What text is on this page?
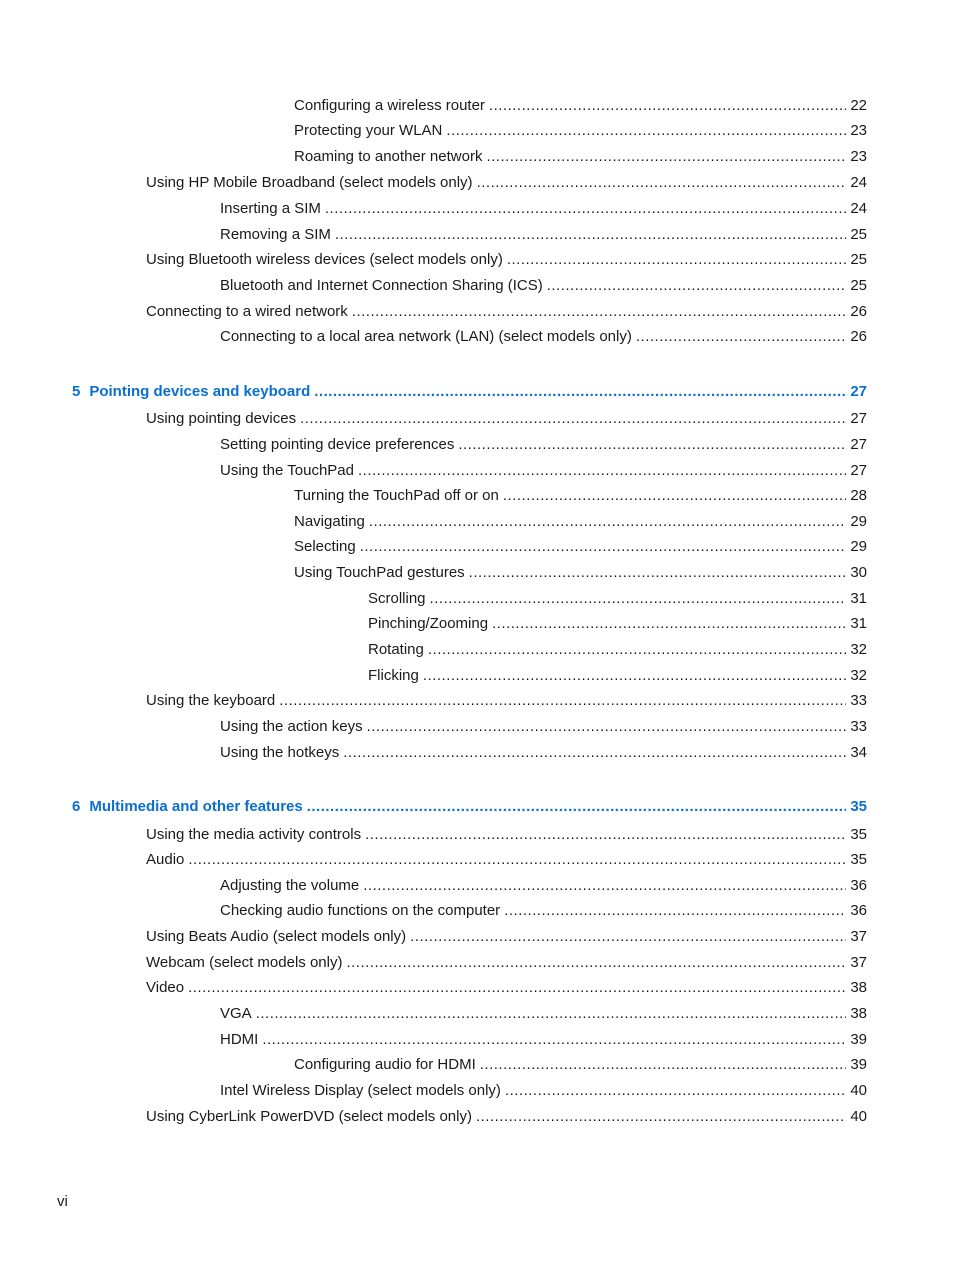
Configuring a wireless router .....	22
Protecting your WLAN .....	23
Roaming to another network .....	23
Using HP Mobile Broadband (select models only) .....	24
Inserting a SIM .....	24
Removing a SIM .....	25
Using Bluetooth wireless devices (select models only) .....	25
Bluetooth and Internet Connection Sharing (ICS) .....	25
Connecting to a wired network .....	26
Connecting to a local area network (LAN) (select models only) .....	26
5 Pointing devices and keyboard .....	27
Using pointing devices .....	27
Setting pointing device preferences .....	27
Using the TouchPad .....	27
Turning the TouchPad off or on .....	28
Navigating .....	29
Selecting .....	29
Using TouchPad gestures .....	30
Scrolling .....	31
Pinching/Zooming .....	31
Rotating .....	32
Flicking .....	32
Using the keyboard .....	33
Using the action keys .....	33
Using the hotkeys .....	34
6 Multimedia and other features .....	35
Using the media activity controls .....	35
Audio .....	35
Adjusting the volume .....	36
Checking audio functions on the computer .....	36
Using Beats Audio (select models only) .....	37
Webcam (select models only) .....	37
Video .....	38
VGA .....	38
HDMI .....	39
Configuring audio for HDMI .....	39
Intel Wireless Display (select models only) .....	40
Using CyberLink PowerDVD (select models only) .....	40
vi
